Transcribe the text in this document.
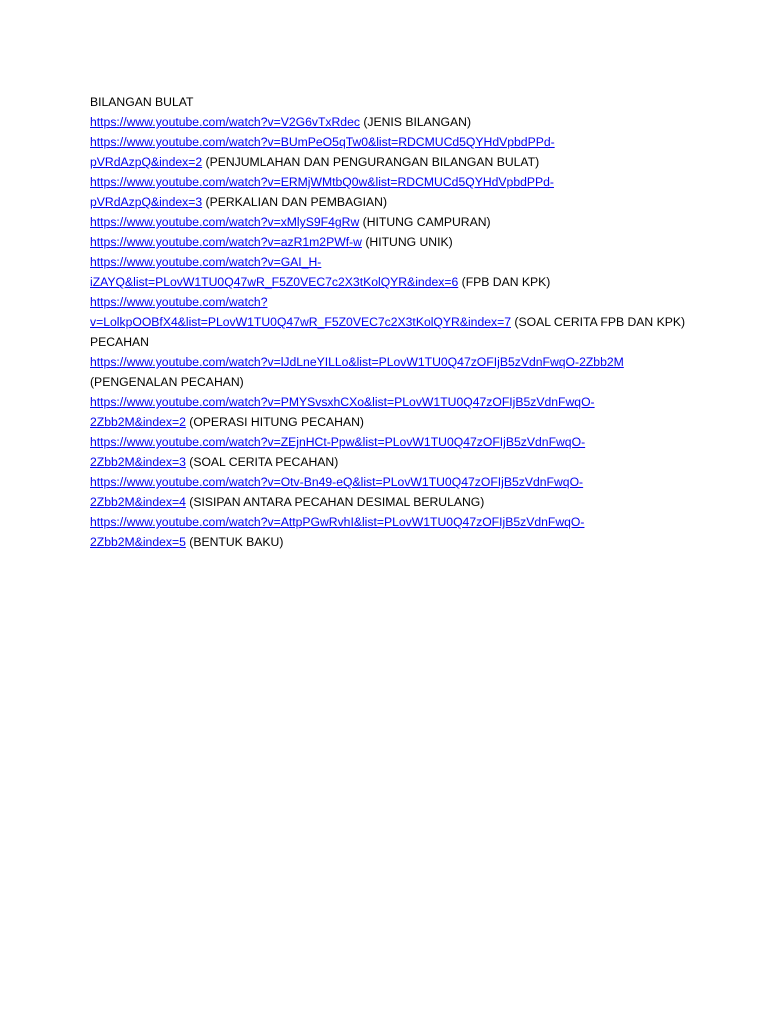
BILANGAN BULAT
https://www.youtube.com/watch?v=V2G6vTxRdec (JENIS BILANGAN)
https://www.youtube.com/watch?v=BUmPeO5qTw0&list=RDCMUCd5QYHdVpbdPPd-
pVRdAzpQ&index=2 (PENJUMLAHAN DAN PENGURANGAN BILANGAN BULAT)
https://www.youtube.com/watch?v=ERMjWMtbQ0w&list=RDCMUCd5QYHdVpbdPPd-
pVRdAzpQ&index=3 (PERKALIAN DAN PEMBAGIAN)
https://www.youtube.com/watch?v=xMlyS9F4gRw (HITUNG CAMPURAN)
https://www.youtube.com/watch?v=azR1m2PWf-w (HITUNG UNIK)
https://www.youtube.com/watch?v=GAI_H-
iZAYQ&list=PLovW1TU0Q47wR_F5Z0VEC7c2X3tKolQYR&index=6 (FPB DAN KPK)
https://www.youtube.com/watch?
v=LolkpOOBfX4&list=PLovW1TU0Q47wR_F5Z0VEC7c2X3tKolQYR&index=7 (SOAL CERITA FPB DAN KPK)
PECAHAN
https://www.youtube.com/watch?v=lJdLneYILLo&list=PLovW1TU0Q47zOFIjB5zVdnFwqO-2Zbb2M
(PENGENALAN PECAHAN)
https://www.youtube.com/watch?v=PMYSvsxhCXo&list=PLovW1TU0Q47zOFIjB5zVdnFwqO-
2Zbb2M&index=2 (OPERASI HITUNG PECAHAN)
https://www.youtube.com/watch?v=ZEjnHCt-Ppw&list=PLovW1TU0Q47zOFIjB5zVdnFwqO-
2Zbb2M&index=3 (SOAL CERITA PECAHAN)
https://www.youtube.com/watch?v=Otv-Bn49-eQ&list=PLovW1TU0Q47zOFIjB5zVdnFwqO-
2Zbb2M&index=4 (SISIPAN ANTARA PECAHAN DESIMAL BERULANG)
https://www.youtube.com/watch?v=AttpPGwRvhI&list=PLovW1TU0Q47zOFIjB5zVdnFwqO-
2Zbb2M&index=5 (BENTUK BAKU)
